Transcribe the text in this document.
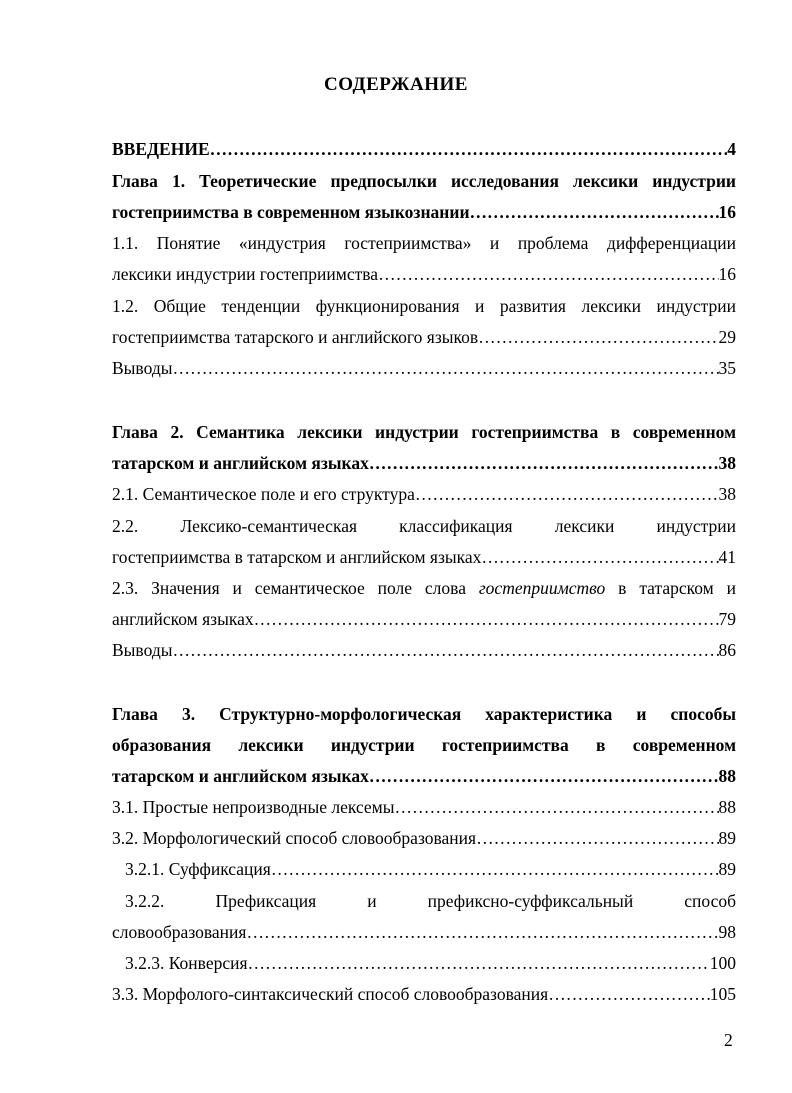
СОДЕРЖАНИЕ
ВВЕДЕНИЕ …………………………………………………………………………………………………………………………………………………………………………………………………	4
Глава 1. Теоретические предпосылки исследования лексики индустрии
гостеприимства в современном языкознании …………………………………………………………………………………………………………………………………………………………………………………………………	16
1.1. Понятие «индустрия гостеприимства» и проблема дифференциации
лексики индустрии гостеприимства …………………………………………………………………………………………………………………………………………………………………………………………………	16
1.2. Общие тенденции функционирования и развития лексики индустрии
гостеприимства татарского и английского языков …………………………………………………………………………………………………………………………………………………………………………………………………	29
Выводы …………………………………………………………………………………………………………………………………………………………………………………………………	35
Глава 2. Семантика лексики индустрии гостеприимства в современном
татарском и английском языках …………………………………………………………………………………………………………………………………………………………………………………………………	38
2.1. Семантическое поле и его структура …………………………………………………………………………………………………………………………………………………………………………………………………	38
2.2. Лексико-семантическая классификация лексики индустрии
гостеприимства в татарском и английском языках …………………………………………………………………………………………………………………………………………………………………………………………………	41
2.3. Значения и семантическое поле слова гостеприимство в татарском и
английском языках …………………………………………………………………………………………………………………………………………………………………………………………………	79
Выводы …………………………………………………………………………………………………………………………………………………………………………………………………	86
Глава 3. Структурно-морфологическая характеристика и способы
образования лексики индустрии гостеприимства в современном
татарском и английском языках …………………………………………………………………………………………………………………………………………………………………………………………………	88
3.1. Простые непроизводные лексемы …………………………………………………………………………………………………………………………………………………………………………………………………	88
3.2. Морфологический способ словообразования …………………………………………………………………………………………………………………………………………………………………………………………………	89
3.2.1. Суффиксация …………………………………………………………………………………………………………………………………………………………………………………………………	89
3.2.2. Префиксация и префиксно-суффиксальный способ
словообразования …………………………………………………………………………………………………………………………………………………………………………………………………	98
3.2.3. Конверсия …………………………………………………………………………………………………………………………………………………………………………………………………	100
3.3. Морфолого-синтаксический способ словообразования …………………………………………………………………………………………………………………………………………………………………………………………………	105
2
